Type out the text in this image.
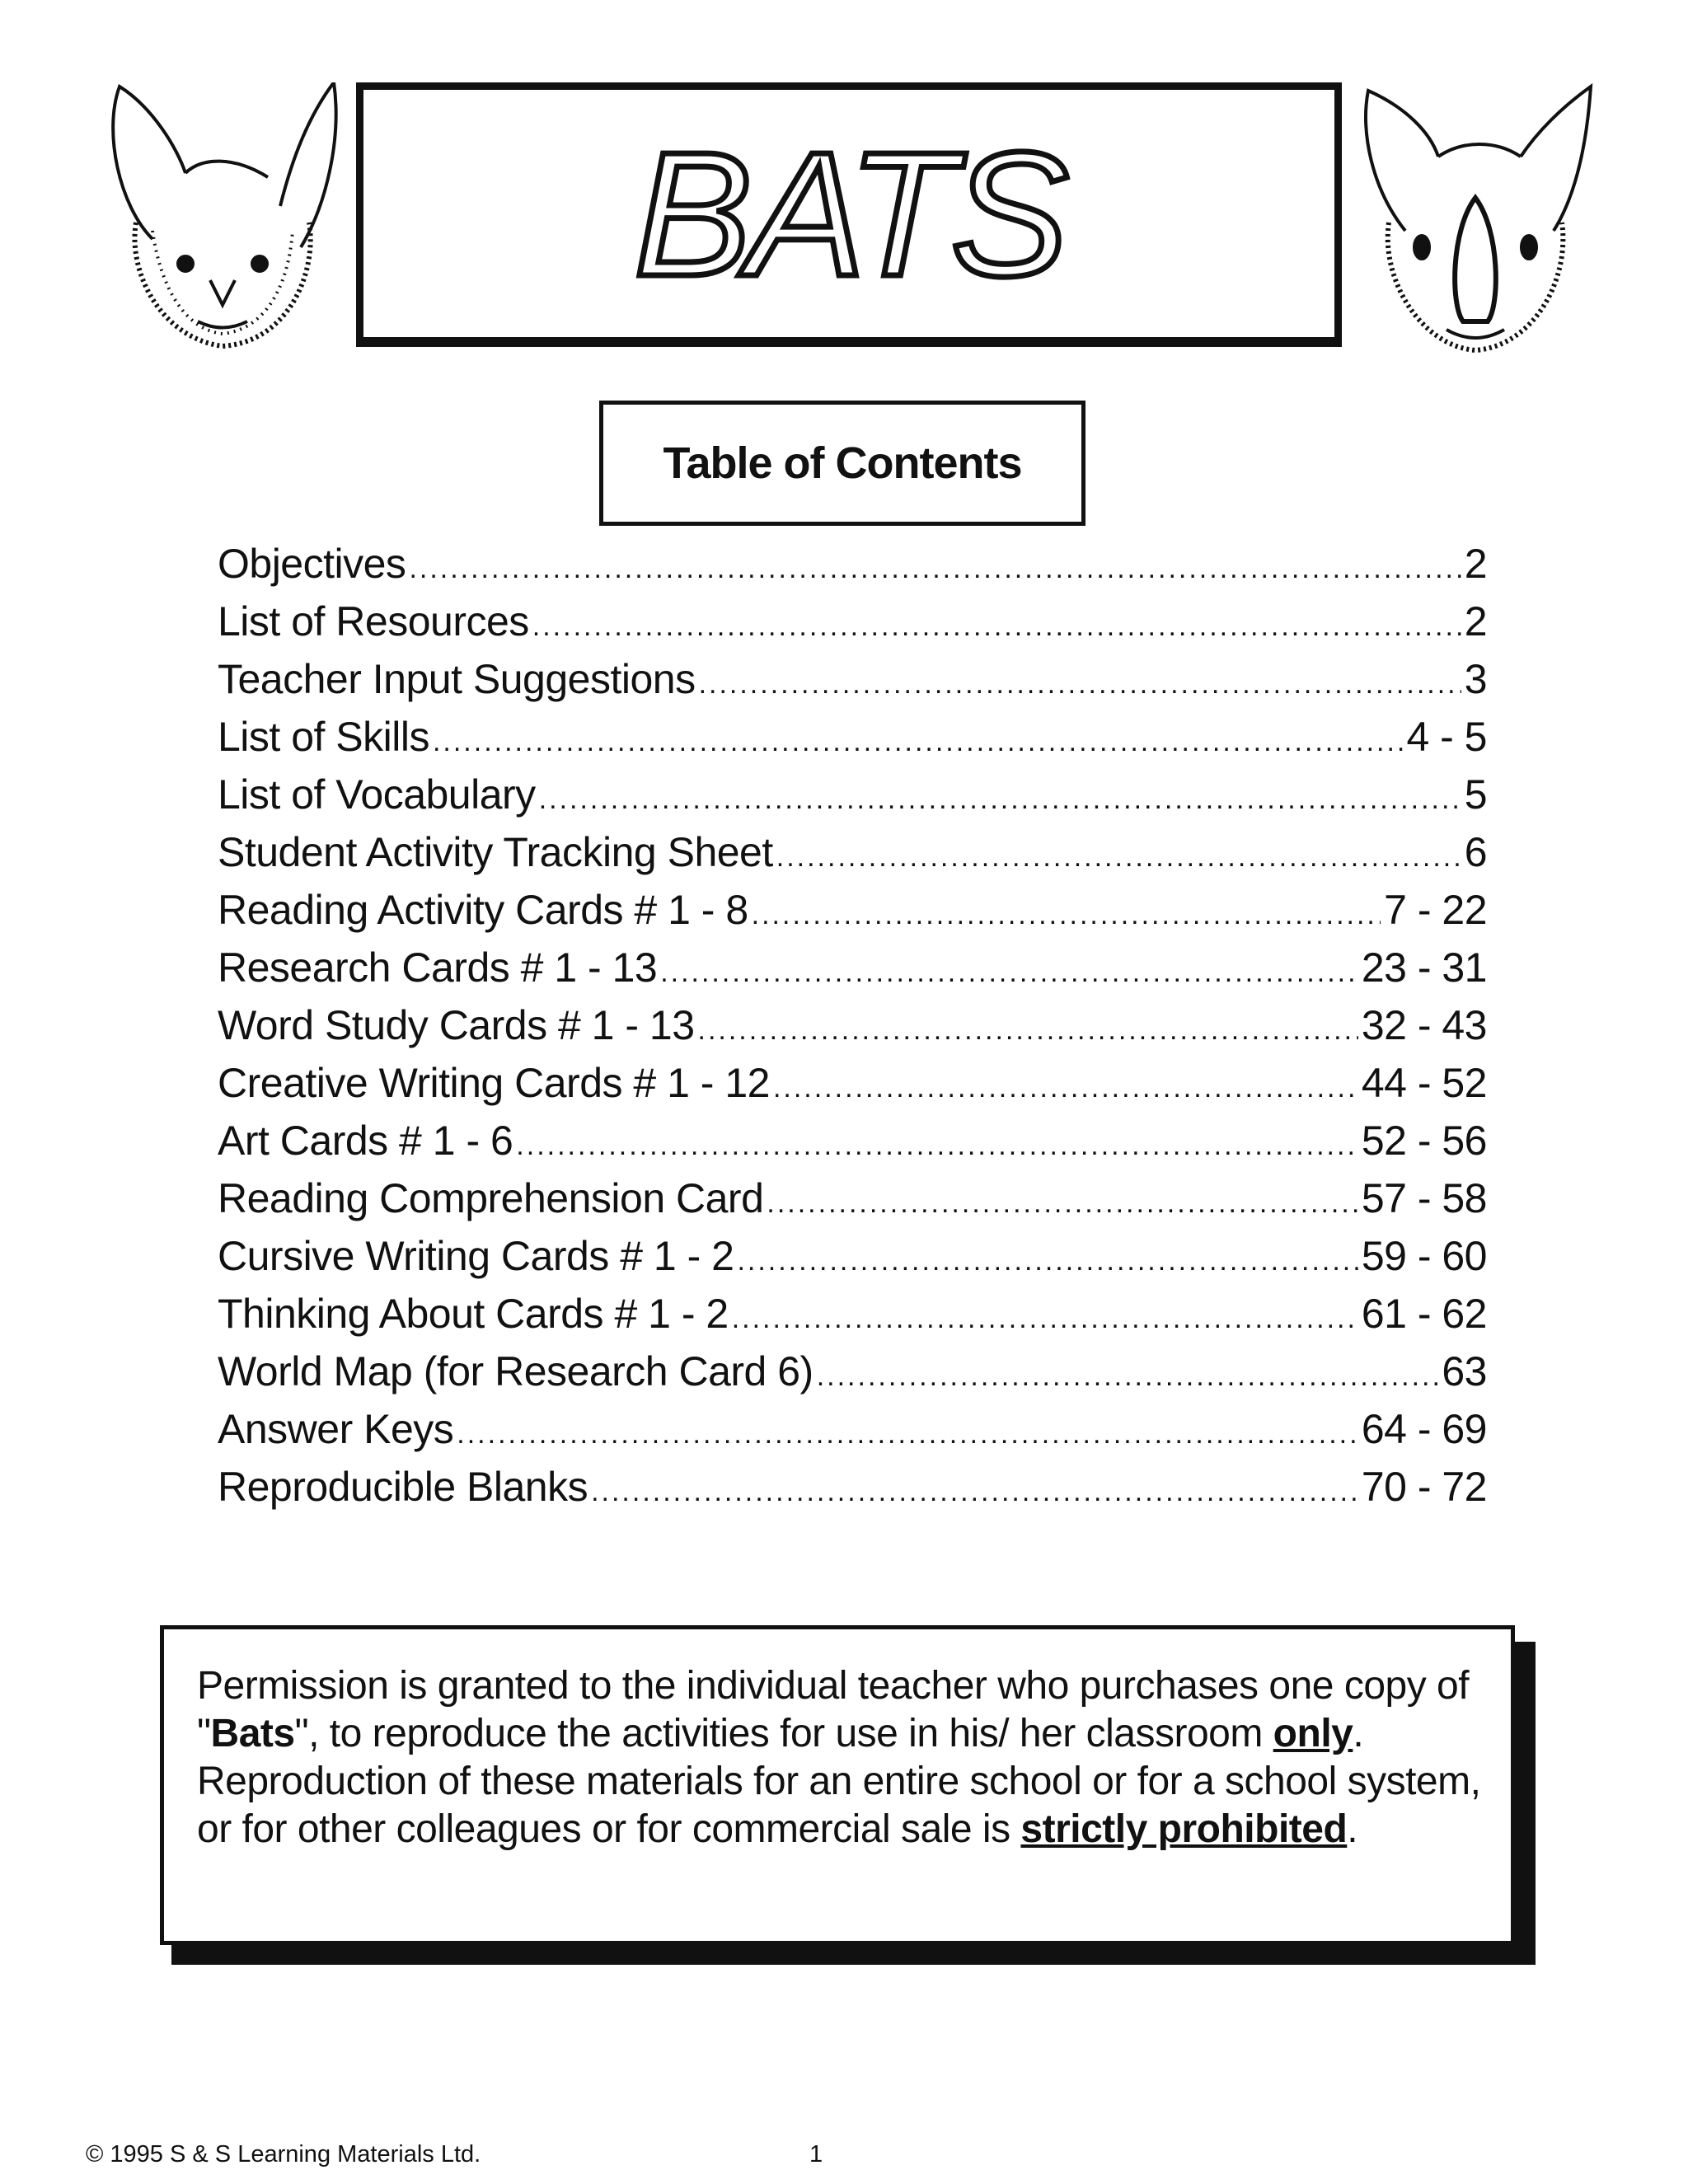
BATS
Table of Contents
Objectives .....	2
List of Resources .....	2
Teacher Input Suggestions .....	3
List of Skills .....	4 - 5
List of Vocabulary .....	5
Student Activity Tracking Sheet .....	6
Reading Activity Cards # 1 - 8 .....	7 - 22
Research Cards # 1 - 13 .....	23 - 31
Word Study Cards # 1 - 13 .....	32 - 43
Creative Writing Cards # 1 - 12 .....	44 - 52
Art Cards # 1 - 6 .....	52 - 56
Reading Comprehension Card .....	57 - 58
Cursive Writing Cards # 1 - 2 .....	59 - 60
Thinking About Cards # 1 - 2 .....	61 - 62
World Map (for Research Card 6) .....	63
Answer Keys .....	64 - 69
Reproducible Blanks .....	70 - 72
Permission is granted to the individual teacher who purchases one copy of "Bats", to reproduce the activities for use in his/ her classroom only. Reproduction of these materials for an entire school or for a school system, or for other colleagues or for commercial sale is strictly prohibited.
© 1995 S & S Learning Materials Ltd.	1
